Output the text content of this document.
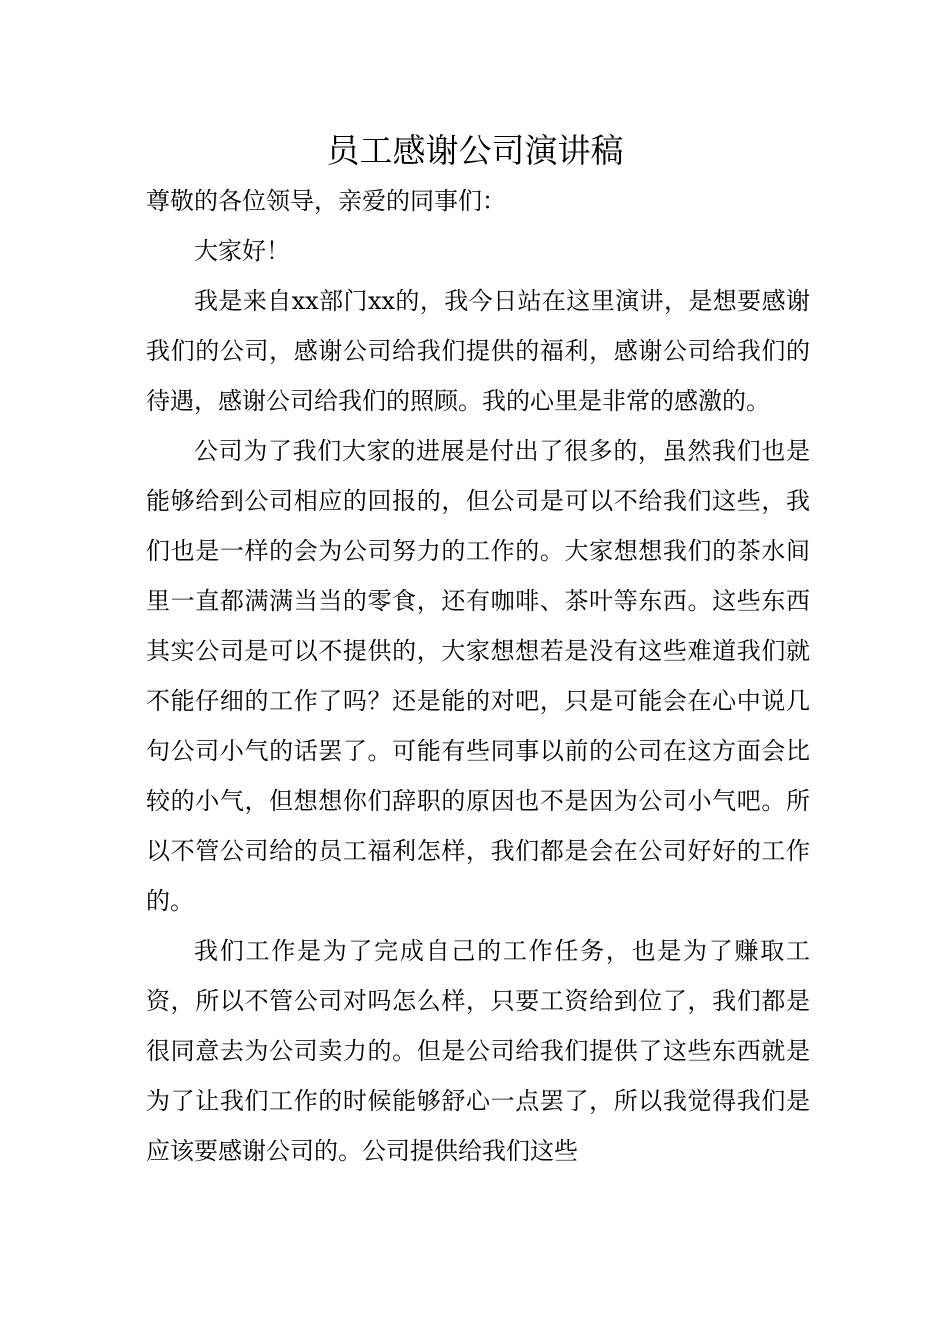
员工感谢公司演讲稿

尊敬的各位领导，亲爱的同事们：

大家好！

我是来自xx部门xx的，我今日站在这里演讲，是想要感谢我们的公司，感谢公司给我们提供的福利，感谢公司给我们的待遇，感谢公司给我们的照顾。我的心里是非常的感激的。

公司为了我们大家的进展是付出了很多的，虽然我们也是能够给到公司相应的回报的，但公司是可以不给我们这些，我们也是一样的会为公司努力的工作的。大家想想我们的茶水间里一直都满满当当的零食，还有咖啡、茶叶等东西。这些东西其实公司是可以不提供的，大家想想若是没有这些难道我们就不能仔细的工作了吗？还是能的对吧，只是可能会在心中说几句公司小气的话罢了。可能有些同事以前的公司在这方面会比较的小气，但想想你们辞职的原因也不是因为公司小气吧。所以不管公司给的员工福利怎样，我们都是会在公司好好的工作的。

我们工作是为了完成自己的工作任务，也是为了赚取工资，所以不管公司对吗怎么样，只要工资给到位了，我们都是很同意去为公司卖力的。但是公司给我们提供了这些东西就是为了让我们工作的时候能够舒心一点罢了，所以我觉得我们是应该要感谢公司的。公司提供给我们这些
